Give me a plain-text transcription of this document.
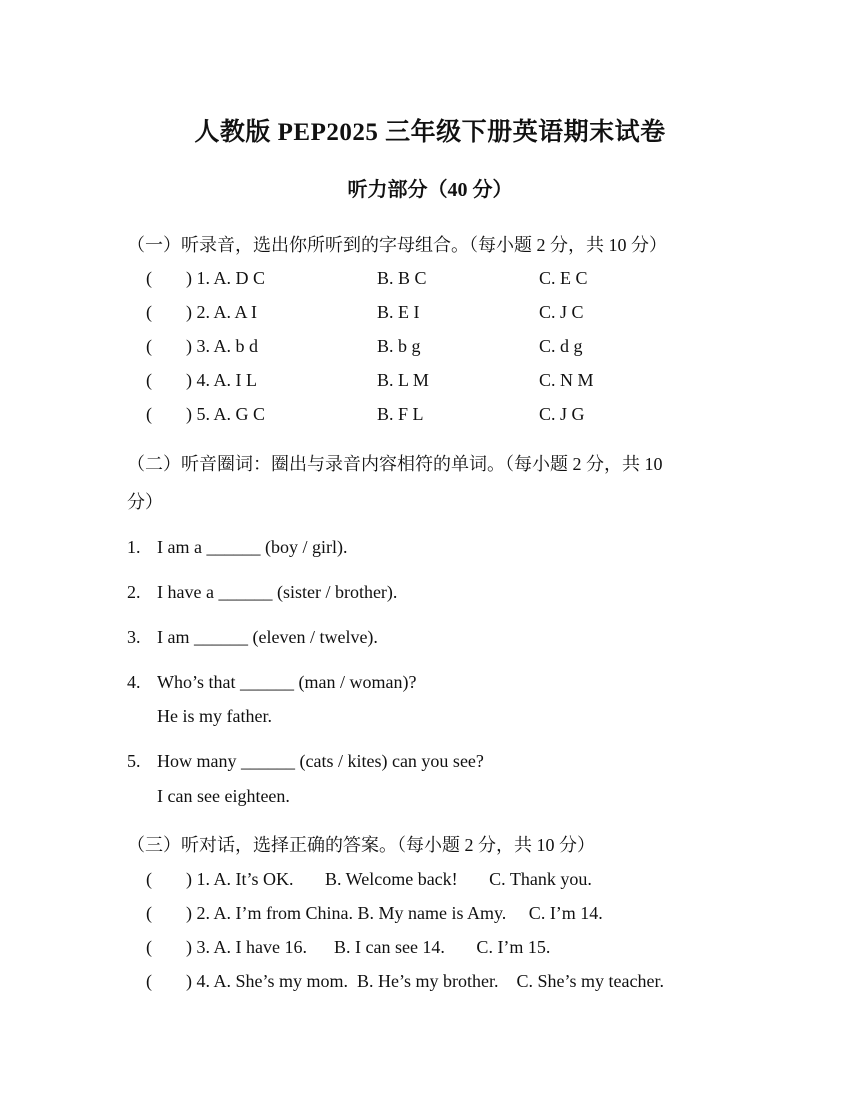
人教版 PEP2025 三年级下册英语期末试卷
听力部分（40 分）
（一）听录音，选出你所听到的字母组合。（每小题 2 分，共 10 分）
( ) 1. A. D C	B. B C	C. E C
( ) 2. A. A I	B. E I	C. J C
( ) 3. A. b d	B. b g	C. d g
( ) 4. A. I L	B. L M	C. N M
( ) 5. A. G C	B. F L	C. J G
（二）听音圈词：圈出与录音内容相符的单词。（每小题 2 分，共 10
分）
1. I am a ______ (boy / girl).
2. I have a ______ (sister / brother).
3. I am ______ (eleven / twelve).
4. Who’s that ______ (man / woman)?
He is my father.
5. How many ______ (cats / kites) can you see?
I can see eighteen.
（三）听对话，选择正确的答案。（每小题 2 分，共 10 分）
( ) 1. A. It’s OK.       B. Welcome back!       C. Thank you.
( ) 2. A. I’m from China. B. My name is Amy.     C. I’m 14.
( ) 3. A. I have 16.      B. I can see 14.       C. I’m 15.
( ) 4. A. She’s my mom.  B. He’s my brother.    C. She’s my teacher.
